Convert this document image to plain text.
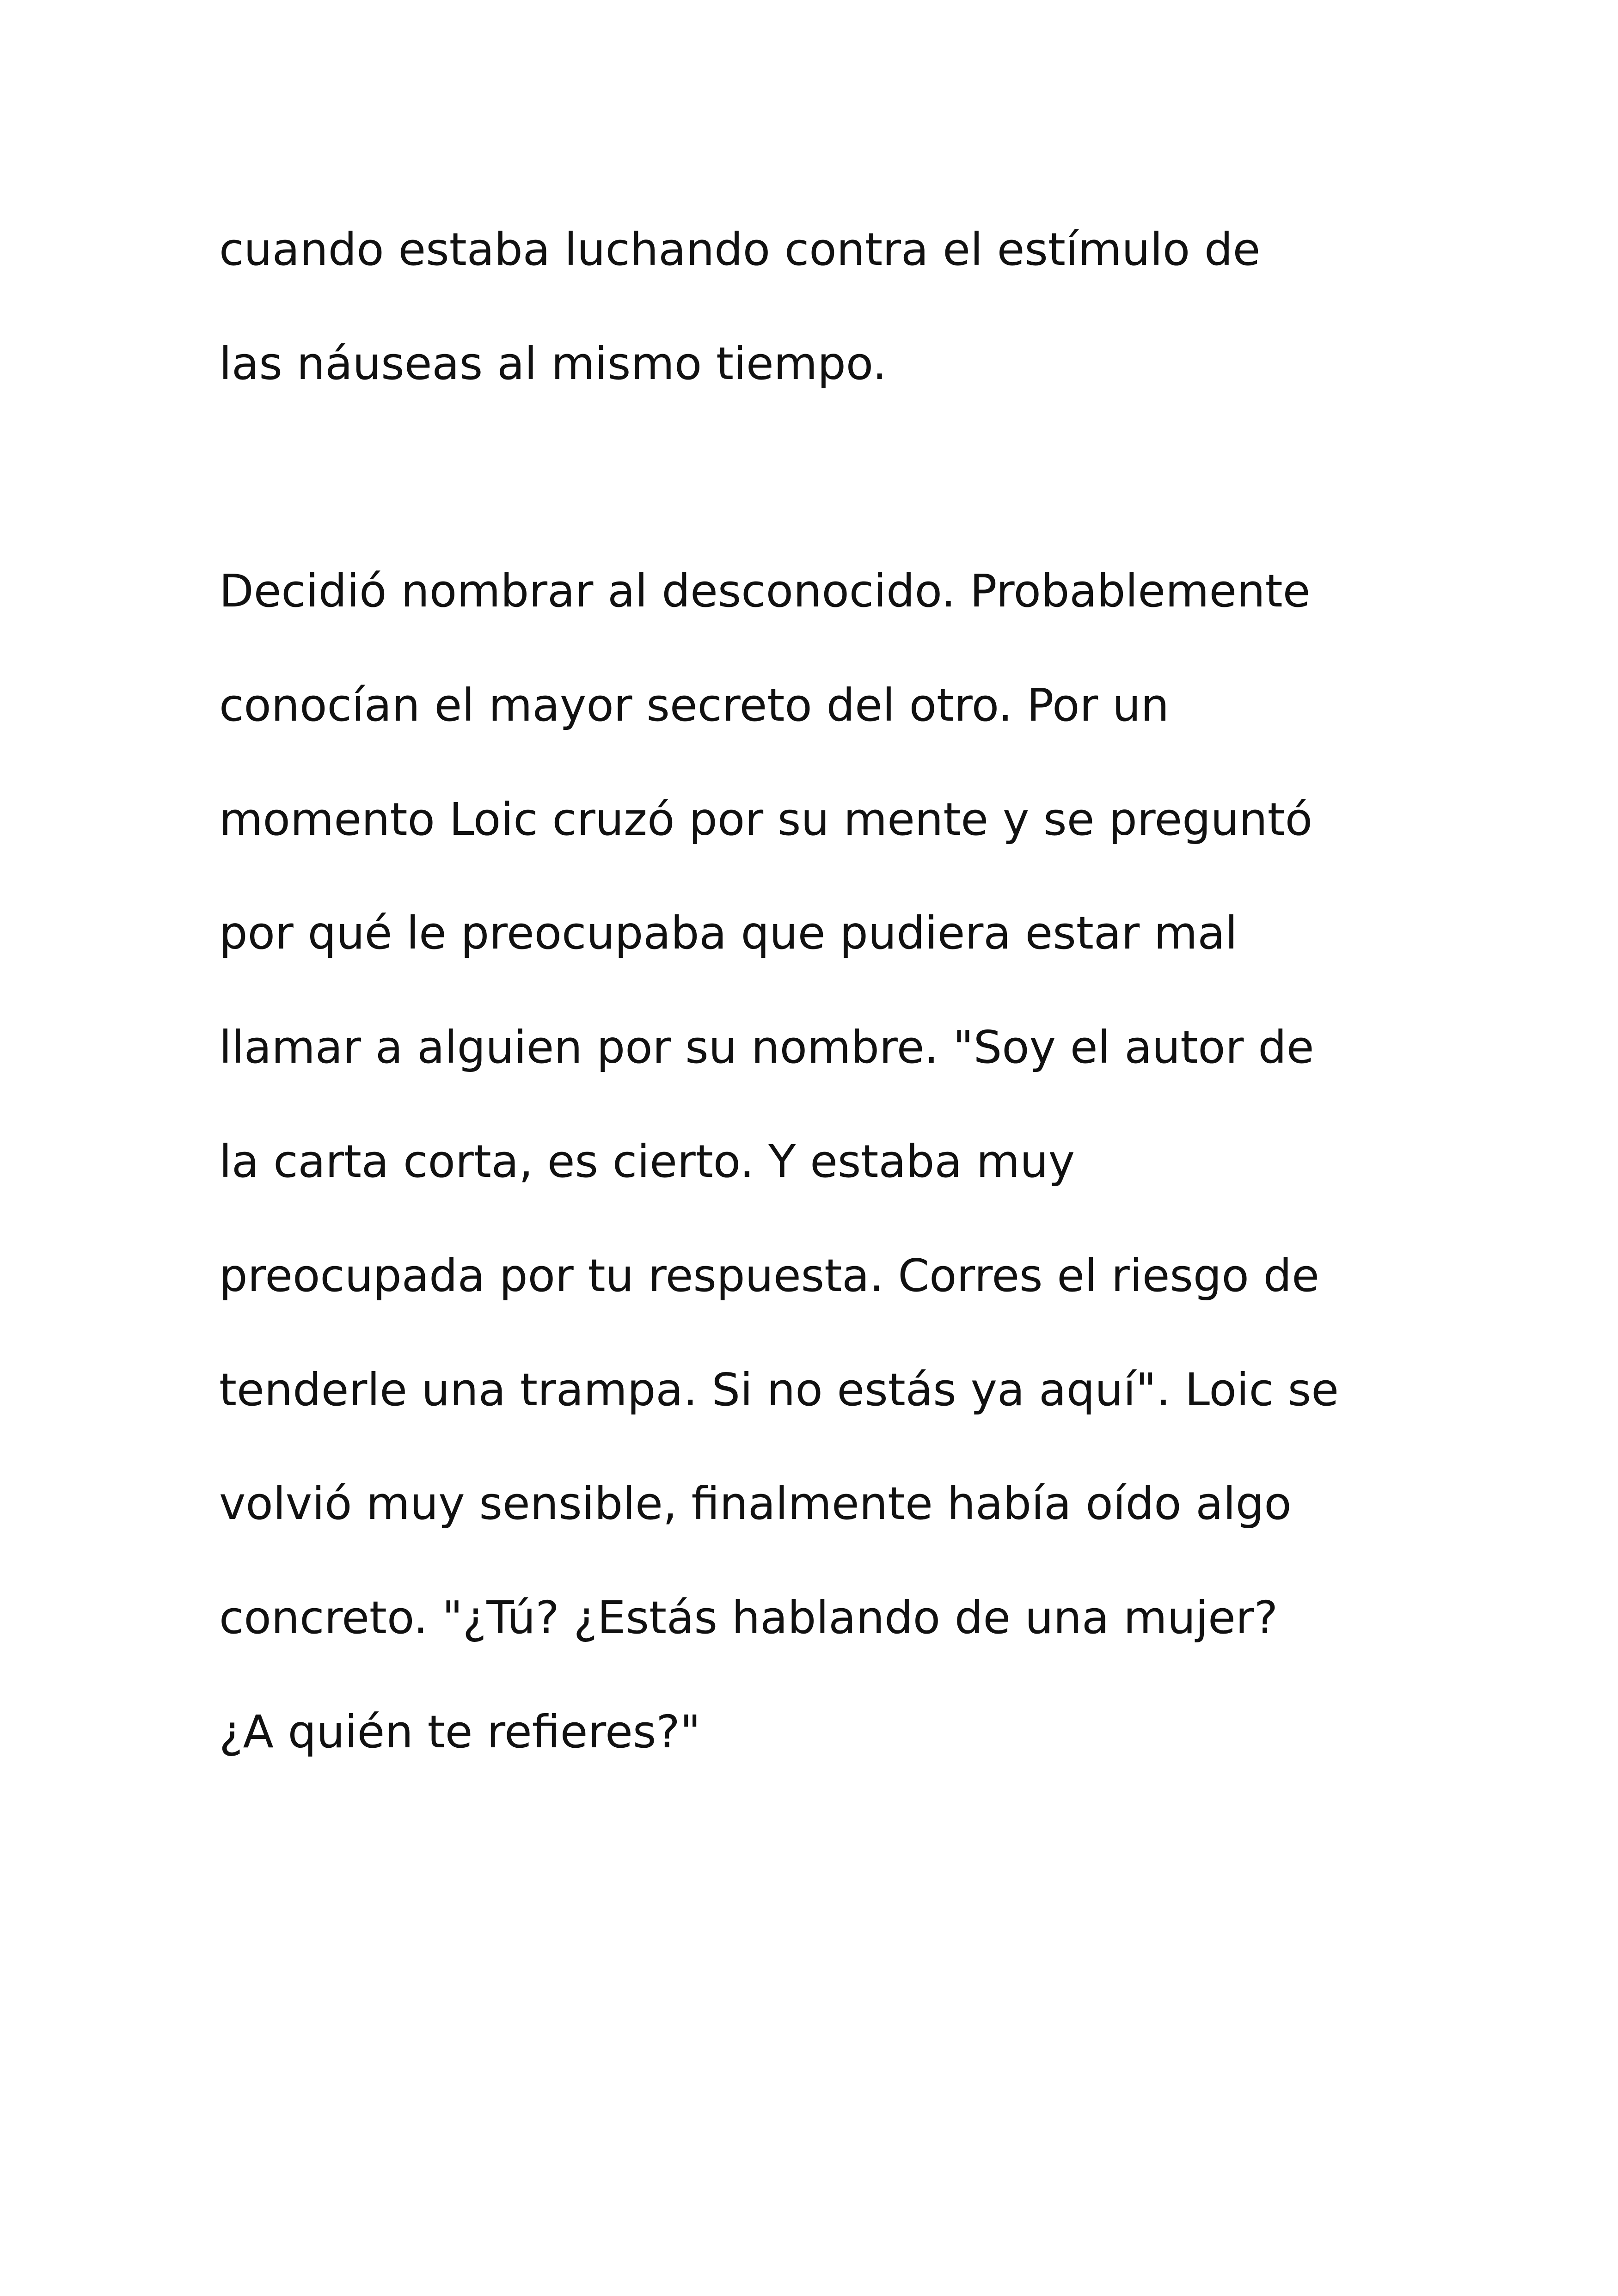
cuando estaba luchando contra el estímulo de

las náuseas al mismo tiempo.

Decidió nombrar al desconocido. Probablemente

conocían el mayor secreto del otro. Por un

momento Loic cruzó por su mente y se preguntó

por qué le preocupaba que pudiera estar mal

llamar a alguien por su nombre. "Soy el autor de

la carta corta, es cierto. Y estaba muy

preocupada por tu respuesta. Corres el riesgo de

tenderle una trampa. Si no estás ya aquí". Loic se

volvió muy sensible, finalmente había oído algo

concreto. "¿Tú? ¿Estás hablando de una mujer?

¿A quién te refieres?"
